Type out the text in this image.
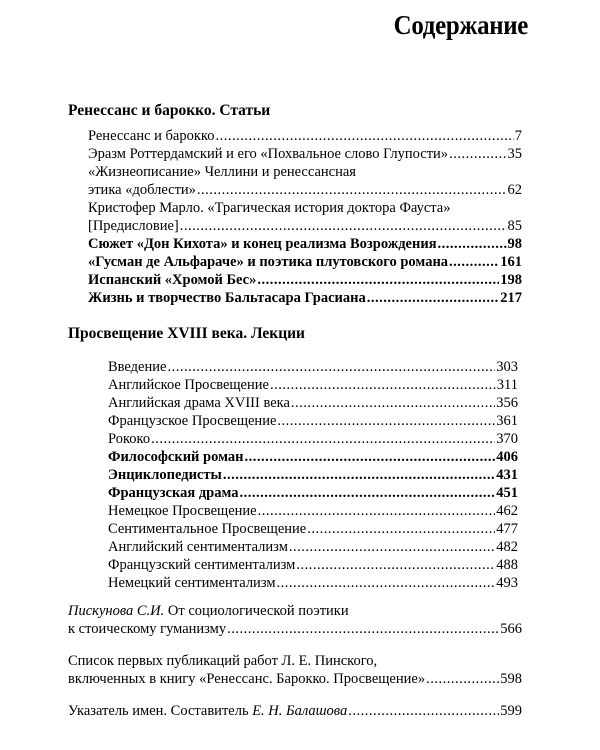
Содержание
Ренессанс и барокко. Статьи
Ренессанс и барокко .....	7
Эразм Роттердамский и его «Похвальное слово Глупости» .....	35
«Жизнеописание» Челлини и ренессансная
этика «доблести» .....	62
Кристофер Марло. «Трагическая история доктора Фауста»
[Предисловие] .....	85
Сюжет «Дон Кихота» и конец реализма Возрождения .....	98
«Гусман де Альфараче» и поэтика плутовского романа .....	161
Испанский «Хромой Бес» .....	198
Жизнь и творчество Бальтасара Грасиана .....	217
Просвещение XVIII века. Лекции
Введение .....	303
Английское Просвещение .....	311
Английская драма XVIII века .....	356
Французское Просвещение .....	361
Рококо .....	370
Философский роман .....	406
Энциклопедисты .....	431
Французская драма .....	451
Немецкое Просвещение .....	462
Сентиментальное Просвещение .....	477
Английский сентиментализм .....	482
Французский сентиментализм .....	488
Немецкий сентиментализм .....	493
Пискунова С.И. От социологической поэтики
к стоическому гуманизму .....	566
Список первых публикаций работ Л. Е. Пинского,
включенных в книгу «Ренессанс. Барокко. Просвещение» .....	598
Указатель имен. Составитель Е. Н. Балашова .....	599
